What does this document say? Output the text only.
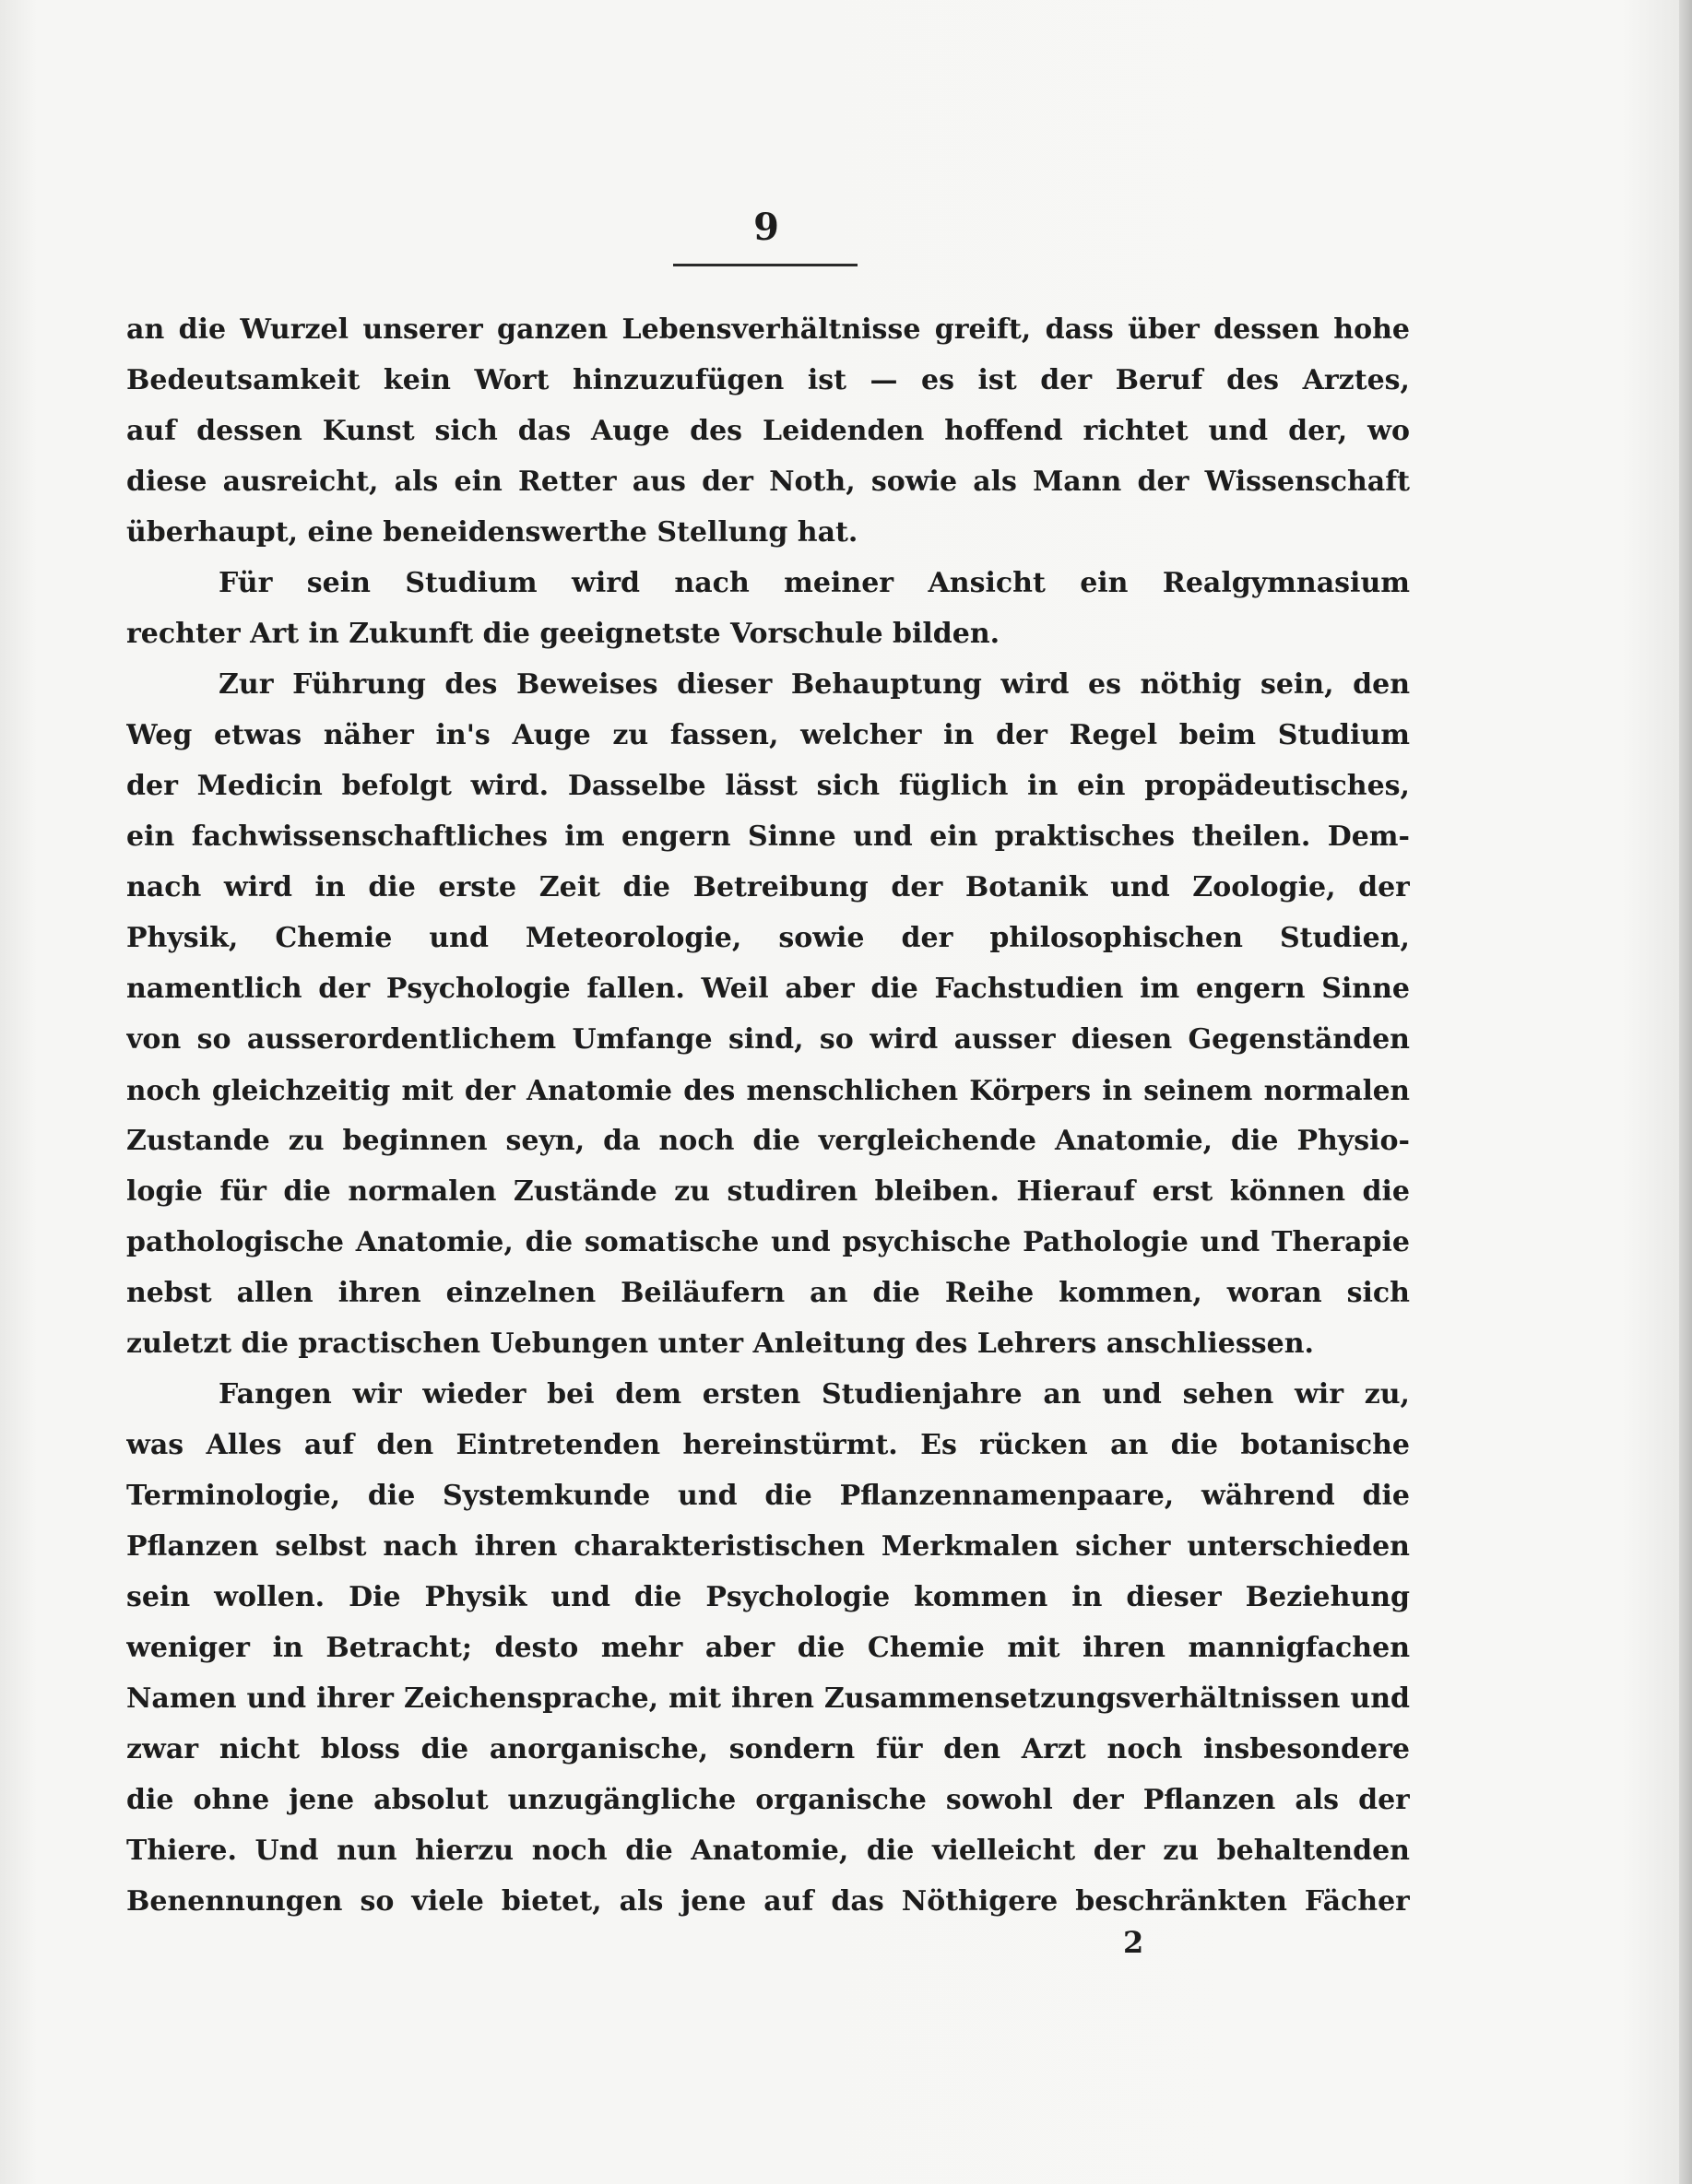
9
an die Wurzel unserer ganzen Lebensverhältnisse greift, dass über dessen hohe
Bedeutsamkeit kein Wort hinzuzufügen ist — es ist der Beruf des Arztes,
auf dessen Kunst sich das Auge des Leidenden hoffend richtet und der, wo
diese ausreicht, als ein Retter aus der Noth, sowie als Mann der Wissenschaft
überhaupt, eine beneidenswerthe Stellung hat.
Für sein Studium wird nach meiner Ansicht ein Realgymnasium
rechter Art in Zukunft die geeignetste Vorschule bilden.
Zur Führung des Beweises dieser Behauptung wird es nöthig sein, den
Weg etwas näher in's Auge zu fassen, welcher in der Regel beim Studium
der Medicin befolgt wird. Dasselbe lässt sich füglich in ein propädeutisches,
ein fachwissenschaftliches im engern Sinne und ein praktisches theilen. Dem-
nach wird in die erste Zeit die Betreibung der Botanik und Zoologie, der
Physik, Chemie und Meteorologie, sowie der philosophischen Studien,
namentlich der Psychologie fallen. Weil aber die Fachstudien im engern Sinne
von so ausserordentlichem Umfange sind, so wird ausser diesen Gegenständen
noch gleichzeitig mit der Anatomie des menschlichen Körpers in seinem normalen
Zustande zu beginnen seyn, da noch die vergleichende Anatomie, die Physio-
logie für die normalen Zustände zu studiren bleiben. Hierauf erst können die
pathologische Anatomie, die somatische und psychische Pathologie und Therapie
nebst allen ihren einzelnen Beiläufern an die Reihe kommen, woran sich
zuletzt die practischen Uebungen unter Anleitung des Lehrers anschliessen.
Fangen wir wieder bei dem ersten Studienjahre an und sehen wir zu,
was Alles auf den Eintretenden hereinstürmt. Es rücken an die botanische
Terminologie, die Systemkunde und die Pflanzennamenpaare, während die
Pflanzen selbst nach ihren charakteristischen Merkmalen sicher unterschieden
sein wollen. Die Physik und die Psychologie kommen in dieser Beziehung
weniger in Betracht; desto mehr aber die Chemie mit ihren mannigfachen
Namen und ihrer Zeichensprache, mit ihren Zusammensetzungsverhältnissen und
zwar nicht bloss die anorganische, sondern für den Arzt noch insbesondere
die ohne jene absolut unzugängliche organische sowohl der Pflanzen als der
Thiere. Und nun hierzu noch die Anatomie, die vielleicht der zu behaltenden
Benennungen so viele bietet, als jene auf das Nöthigere beschränkten Fächer
2
